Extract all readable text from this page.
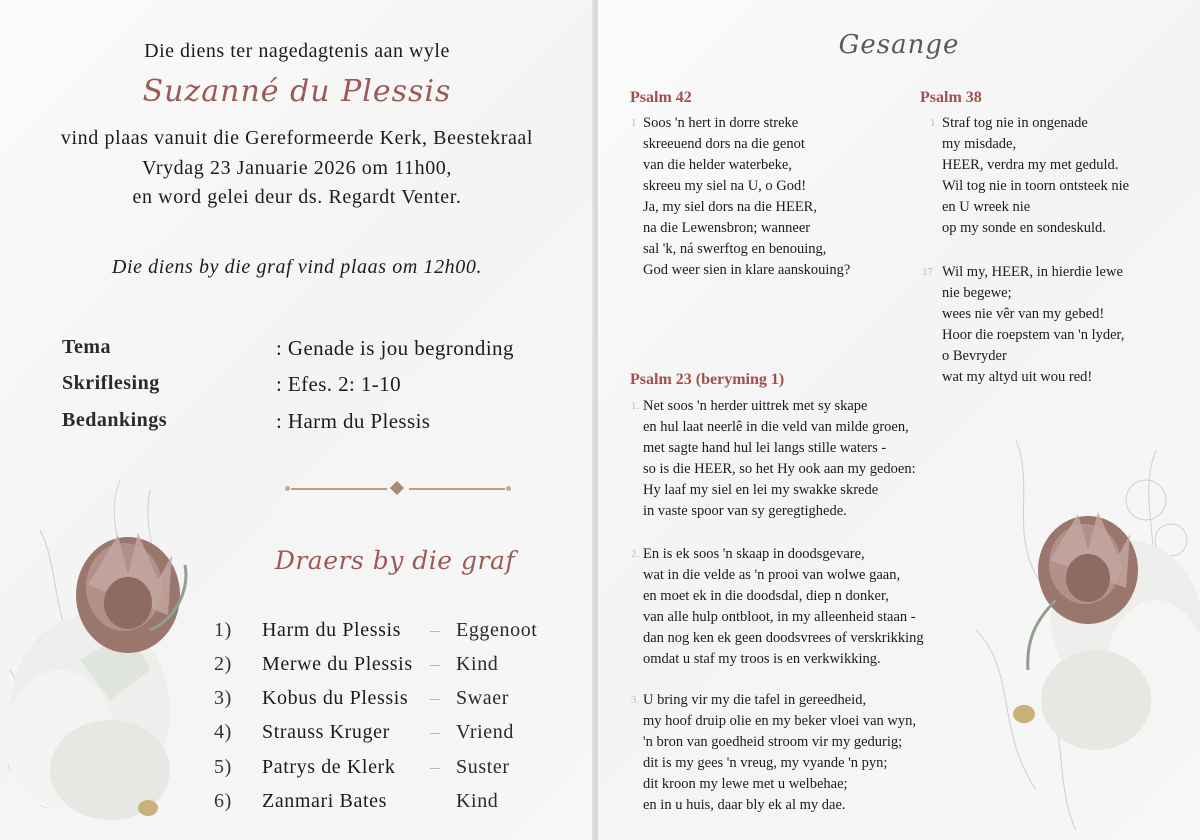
Die diens ter nagedagtenis aan wyle
Suzanné du Plessis
vind plaas vanuit die Gereformeerde Kerk, Beestekraal
Vrydag 23 Januarie 2026 om 11h00,
en word gelei deur ds. Regardt Venter.
Die diens by die graf vind plaas om 12h00.
Tema	: Genade is jou begronding
Skriflesing	: Efes. 2: 1-10
Bedankings	: Harm du Plessis
Draers by die graf
1) Harm du Plessis – Eggenoot
2) Merwe du Plessis – Kind
3) Kobus du Plessis – Swaer
4) Strauss Kruger – Vriend
5) Patrys de Klerk – Suster
6) Zanmari Bates	Kind
Gesange
Psalm 42
1 Soos 'n hert in dorre streke
skreeuend dors na die genot
van die helder waterbeke,
skreeu my siel na U, o God!
Ja, my siel dors na die HEER,
na die Lewensbron; wanneer
sal 'k, ná swerftog en benouing,
God weer sien in klare aanskouing?
Psalm 38
1 Straf tog nie in ongenade
my misdade,
HEER, verdra my met geduld.
Wil tog nie in toorn ontsteek nie
en U wreek nie
op my sonde en sondeskuld.
17 Wil my, HEER, in hierdie lewe
nie begewe;
wees nie vêr van my gebed!
Hoor die roepstem van 'n lyder,
o Bevryder
wat my altyd uit wou red!
Psalm 23 (beryming 1)
1. Net soos 'n herder uittrek met sy skape
en hul laat neerlê in die veld van milde groen,
met sagte hand hul lei langs stille waters -
so is die HEER, so het Hy ook aan my gedoen:
Hy laaf my siel en lei my swakke skrede
in vaste spoor van sy geregtighede.
2. En is ek soos 'n skaap in doodsgevare,
wat in die velde as 'n prooi van wolwe gaan,
en moet ek in die doodsdal, diep n donker,
van alle hulp ontbloot, in my alleenheid staan -
dan nog ken ek geen doodsvrees of verskrikking
omdat u staf my troos is en verkwikking.
3. U bring vir my die tafel in gereedheid,
my hoof druip olie en my beker vloei van wyn,
'n bron van goedheid stroom vir my gedurig;
dit is my gees 'n vreug, my vyande 'n pyn;
dit kroon my lewe met u welbehae;
en in u huis, daar bly ek al my dae.
